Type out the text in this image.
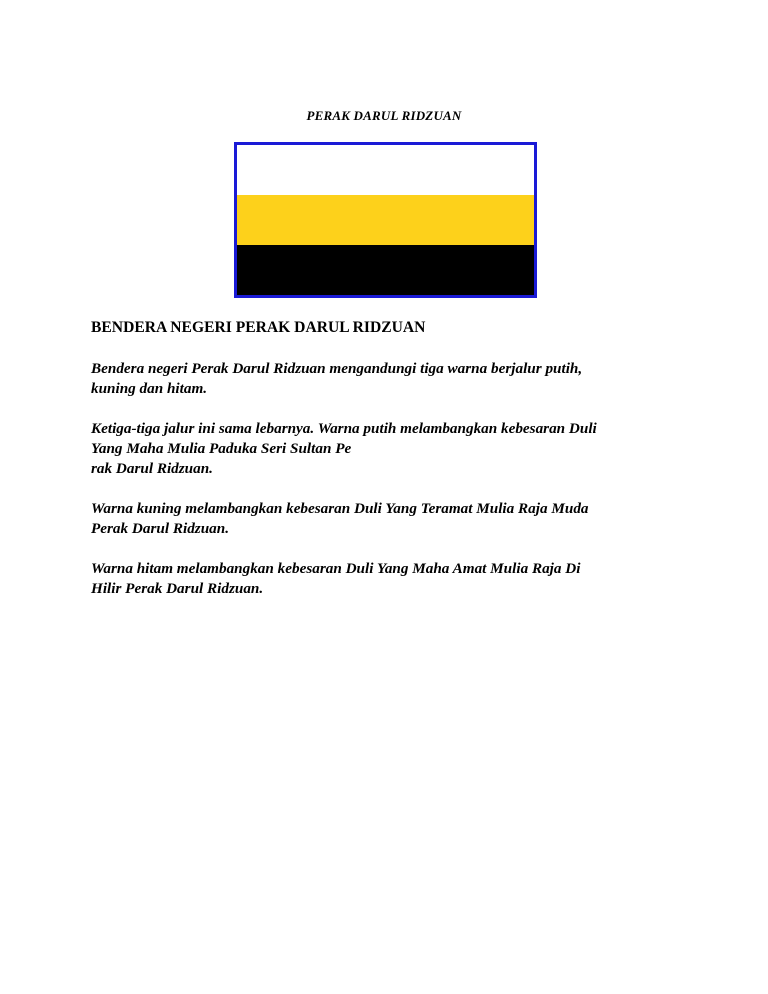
PERAK DARUL RIDZUAN
BENDERA NEGERI PERAK DARUL RIDZUAN

Bendera negeri Perak Darul Ridzuan mengandungi tiga warna berjalur putih,
kuning dan hitam.

Ketiga-tiga jalur ini sama lebarnya. Warna putih melambangkan kebesaran Duli
Yang Maha Mulia Paduka Seri Sultan Pe
rak Darul Ridzuan.

Warna kuning melambangkan kebesaran Duli Yang Teramat Mulia Raja Muda
Perak Darul Ridzuan.

Warna hitam melambangkan kebesaran Duli Yang Maha Amat Mulia Raja Di
Hilir Perak Darul Ridzuan.
